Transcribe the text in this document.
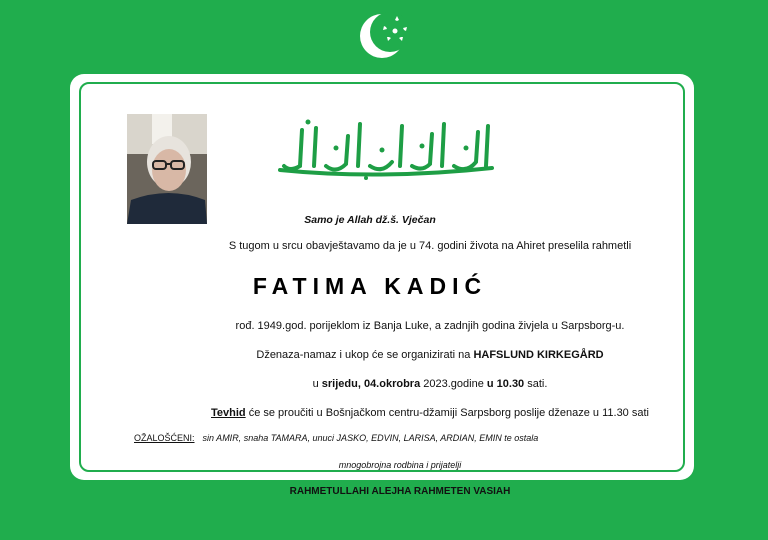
Samo je Allah dž.š. Vječan
S tugom u srcu obavještavamo da je u 74. godini života na Ahiret preselila rahmetli
FATIMA KADIĆ
rođ. 1949.god. porijeklom iz Banja Luke, a zadnjih godina živjela u Sarpsborg-u.
Dženaza-namaz i ukop će se organizirati na HAFSLUND KIRKEGÅRD
u srijedu, 04.okrobra 2023.godine u 10.30 sati.
Tevhid će se proučiti u Bošnjačkom centru-džamiji Sarpsborg poslije dženaze u 11.30 sati
OŽALOŠĆENI: sin AMIR, snaha TAMARA, unuci JASKO, EDVIN, LARISA, ARDIAN, EMIN te ostala
mnogobrojna rodbina i prijatelji
RAHMETULLAHI ALEJHA RAHMETEN VASIAH
